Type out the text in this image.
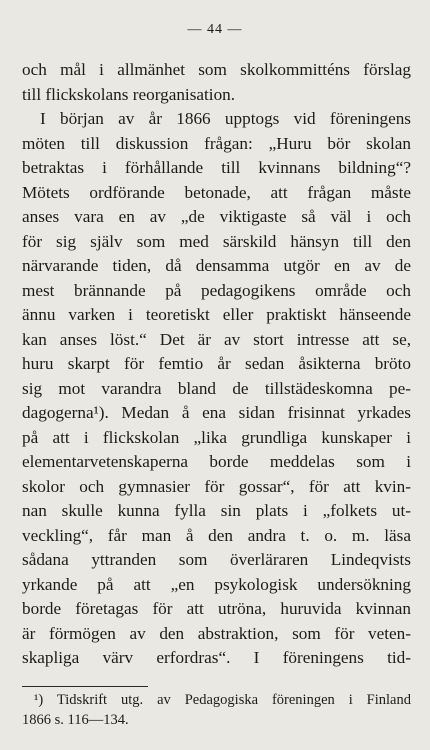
— 44 —
och mål i allmänhet som skolkommitténs förslag
till flickskolans reorganisation.
I början av år 1866 upptogs vid föreningens
möten till diskussion frågan: „Huru bör skolan
betraktas i förhållande till kvinnans bildning“?
Mötets ordförande betonade, att frågan måste
anses vara en av „de viktigaste så väl i och
för sig själv som med särskild hänsyn till den
närvarande tiden, då densamma utgör en av de
mest brännande på pedagogikens område och
ännu varken i teoretiskt eller praktiskt hänseende
kan anses löst.“ Det är av stort intresse att se,
huru skarpt för femtio år sedan åsikterna bröto
sig mot varandra bland de tillstädeskomna pe-
dagogerna¹). Medan å ena sidan frisinnat yrkades
på att i flickskolan „lika grundliga kunskaper i
elementarvetenskaperna borde meddelas som i
skolor och gymnasier för gossar“, för att kvin-
nan skulle kunna fylla sin plats i „folkets ut-
veckling“, får man å den andra t. o. m. läsa
sådana yttranden som överläraren Lindeqvists
yrkande på att „en psykologisk undersökning
borde företagas för att utröna, huruvida kvinnan
är förmögen av den abstraktion, som för veten-
skapliga värv erfordras“. I föreningens tid-
¹) Tidskrift utg. av Pedagogiska föreningen i Finland
1866 s. 116—134.
